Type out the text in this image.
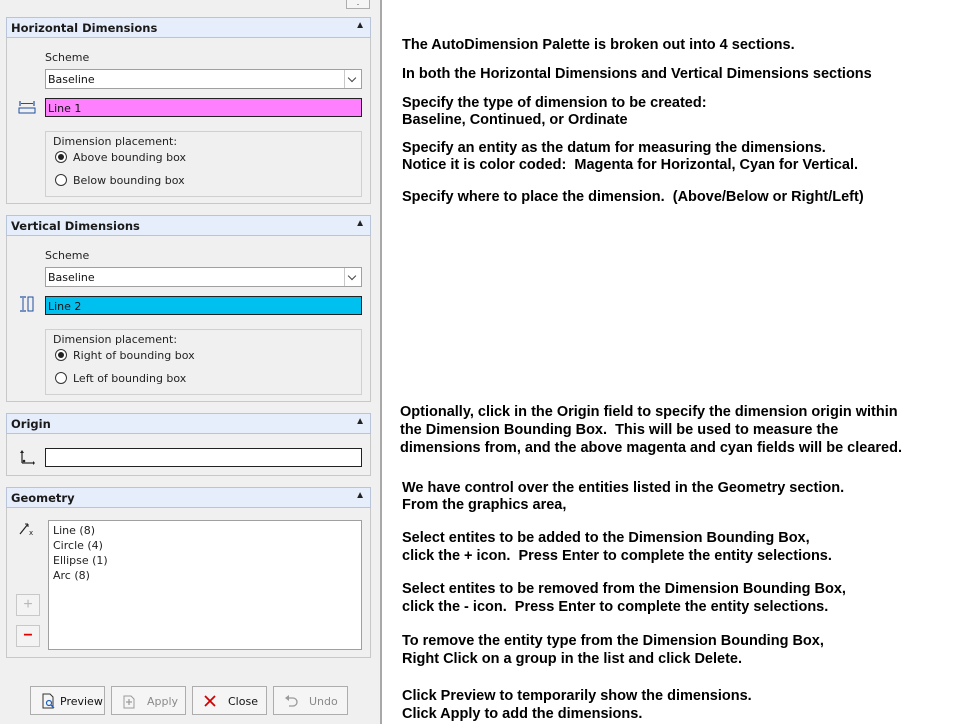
.
Horizontal Dimensions	▲
Scheme
Baseline
Line 1
Dimension placement:
Above bounding box
Below bounding box
Vertical Dimensions	▲
Scheme
Baseline
Line 2
Dimension placement:
Right of bounding box
Left of bounding box
Origin	▲
Geometry	▲
x Line (8)
Circle (4)
Ellipse (1)
Arc (8)
+
−
Preview	Apply	Close	Undo
The AutoDimension Palette is broken out into 4 sections.
In both the Horizontal Dimensions and Vertical Dimensions sections
Specify the type of dimension to be created:
Baseline, Continued, or Ordinate
Specify an entity as the datum for measuring the dimensions.
Notice it is color coded:  Magenta for Horizontal, Cyan for Vertical.
Specify where to place the dimension.  (Above/Below or Right/Left)
Optionally, click in the Origin field to specify the dimension origin within
the Dimension Bounding Box.  This will be used to measure the
dimensions from, and the above magenta and cyan fields will be cleared.
We have control over the entities listed in the Geometry section.
From the graphics area,
Select entites to be added to the Dimension Bounding Box,
click the + icon.  Press Enter to complete the entity selections.
Select entites to be removed from the Dimension Bounding Box,
click the - icon.  Press Enter to complete the entity selections.
To remove the entity type from the Dimension Bounding Box,
Right Click on a group in the list and click Delete.
Click Preview to temporarily show the dimensions.
Click Apply to add the dimensions.
